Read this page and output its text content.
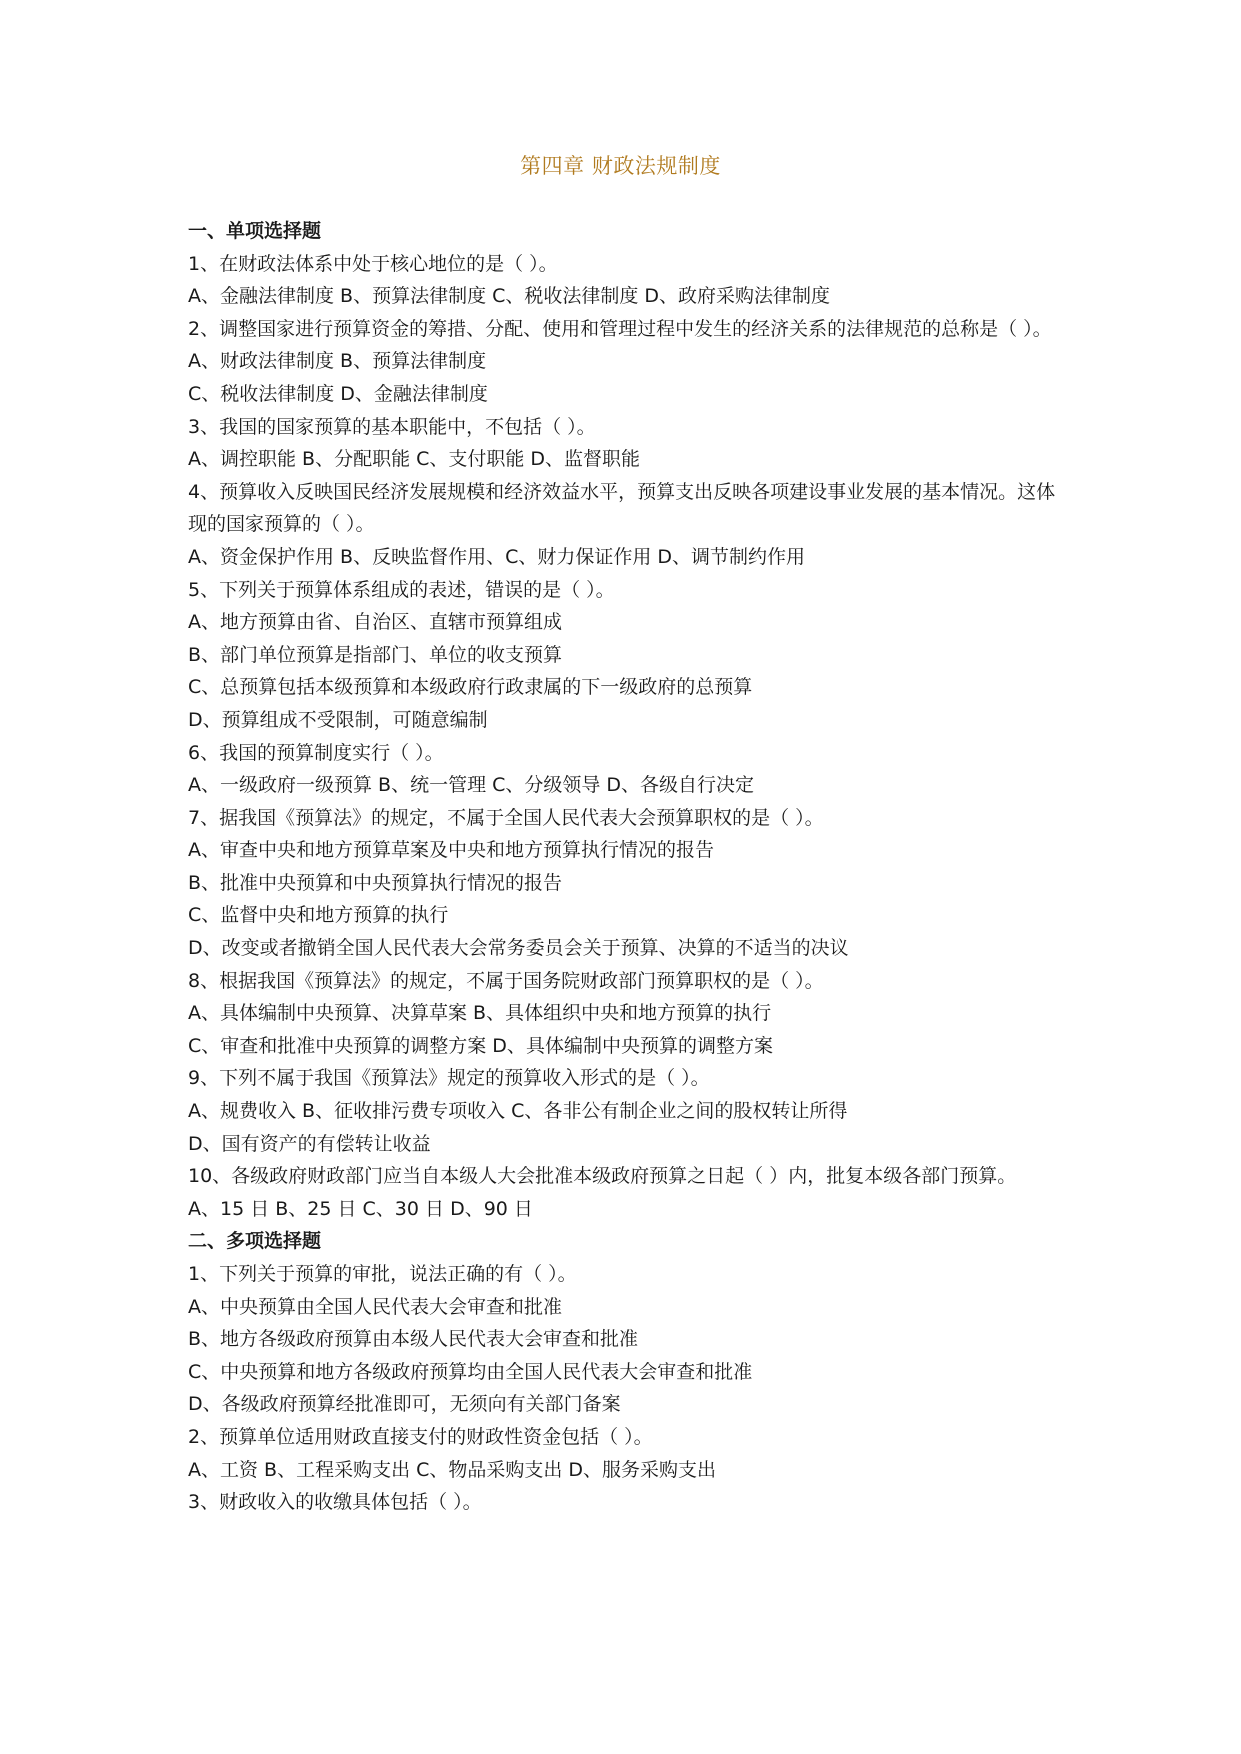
第四章 财政法规制度

一、单项选择题

1、在财政法体系中处于核心地位的是（ ）。

A、金融法律制度 B、预算法律制度 C、税收法律制度 D、政府采购法律制度

2、调整国家进行预算资金的筹措、分配、使用和管理过程中发生的经济关系的法律规范的总称是（ ）。

A、财政法律制度 B、预算法律制度

C、税收法律制度 D、金融法律制度

3、我国的国家预算的基本职能中，不包括（ ）。

A、调控职能 B、分配职能 C、支付职能 D、监督职能

4、预算收入反映国民经济发展规模和经济效益水平，预算支出反映各项建设事业发展的基本情况。这体现的国家预算的（ ）。

A、资金保护作用 B、反映监督作用、C、财力保证作用 D、调节制约作用

5、下列关于预算体系组成的表述，错误的是（ ）。

A、地方预算由省、自治区、直辖市预算组成

B、部门单位预算是指部门、单位的收支预算

C、总预算包括本级预算和本级政府行政隶属的下一级政府的总预算

D、预算组成不受限制，可随意编制

6、我国的预算制度实行（ ）。

A、一级政府一级预算 B、统一管理 C、分级领导 D、各级自行决定

7、据我国《预算法》的规定，不属于全国人民代表大会预算职权的是（ ）。

A、审查中央和地方预算草案及中央和地方预算执行情况的报告

B、批准中央预算和中央预算执行情况的报告

C、监督中央和地方预算的执行

D、改变或者撤销全国人民代表大会常务委员会关于预算、决算的不适当的决议

8、根据我国《预算法》的规定，不属于国务院财政部门预算职权的是（ ）。

A、具体编制中央预算、决算草案 B、具体组织中央和地方预算的执行

C、审查和批准中央预算的调整方案 D、具体编制中央预算的调整方案

9、下列不属于我国《预算法》规定的预算收入形式的是（ ）。

A、规费收入 B、征收排污费专项收入 C、各非公有制企业之间的股权转让所得

D、国有资产的有偿转让收益

10、各级政府财政部门应当自本级人大会批准本级政府预算之日起（ ）内，批复本级各部门预算。

A、15 日 B、25 日 C、30 日 D、90 日

二、多项选择题

1、下列关于预算的审批，说法正确的有（ ）。

A、中央预算由全国人民代表大会审查和批准

B、地方各级政府预算由本级人民代表大会审查和批准

C、中央预算和地方各级政府预算均由全国人民代表大会审查和批准

D、各级政府预算经批准即可，无须向有关部门备案

2、预算单位适用财政直接支付的财政性资金包括（ ）。

A、工资 B、工程采购支出 C、物品采购支出 D、服务采购支出

3、财政收入的收缴具体包括（ ）。
